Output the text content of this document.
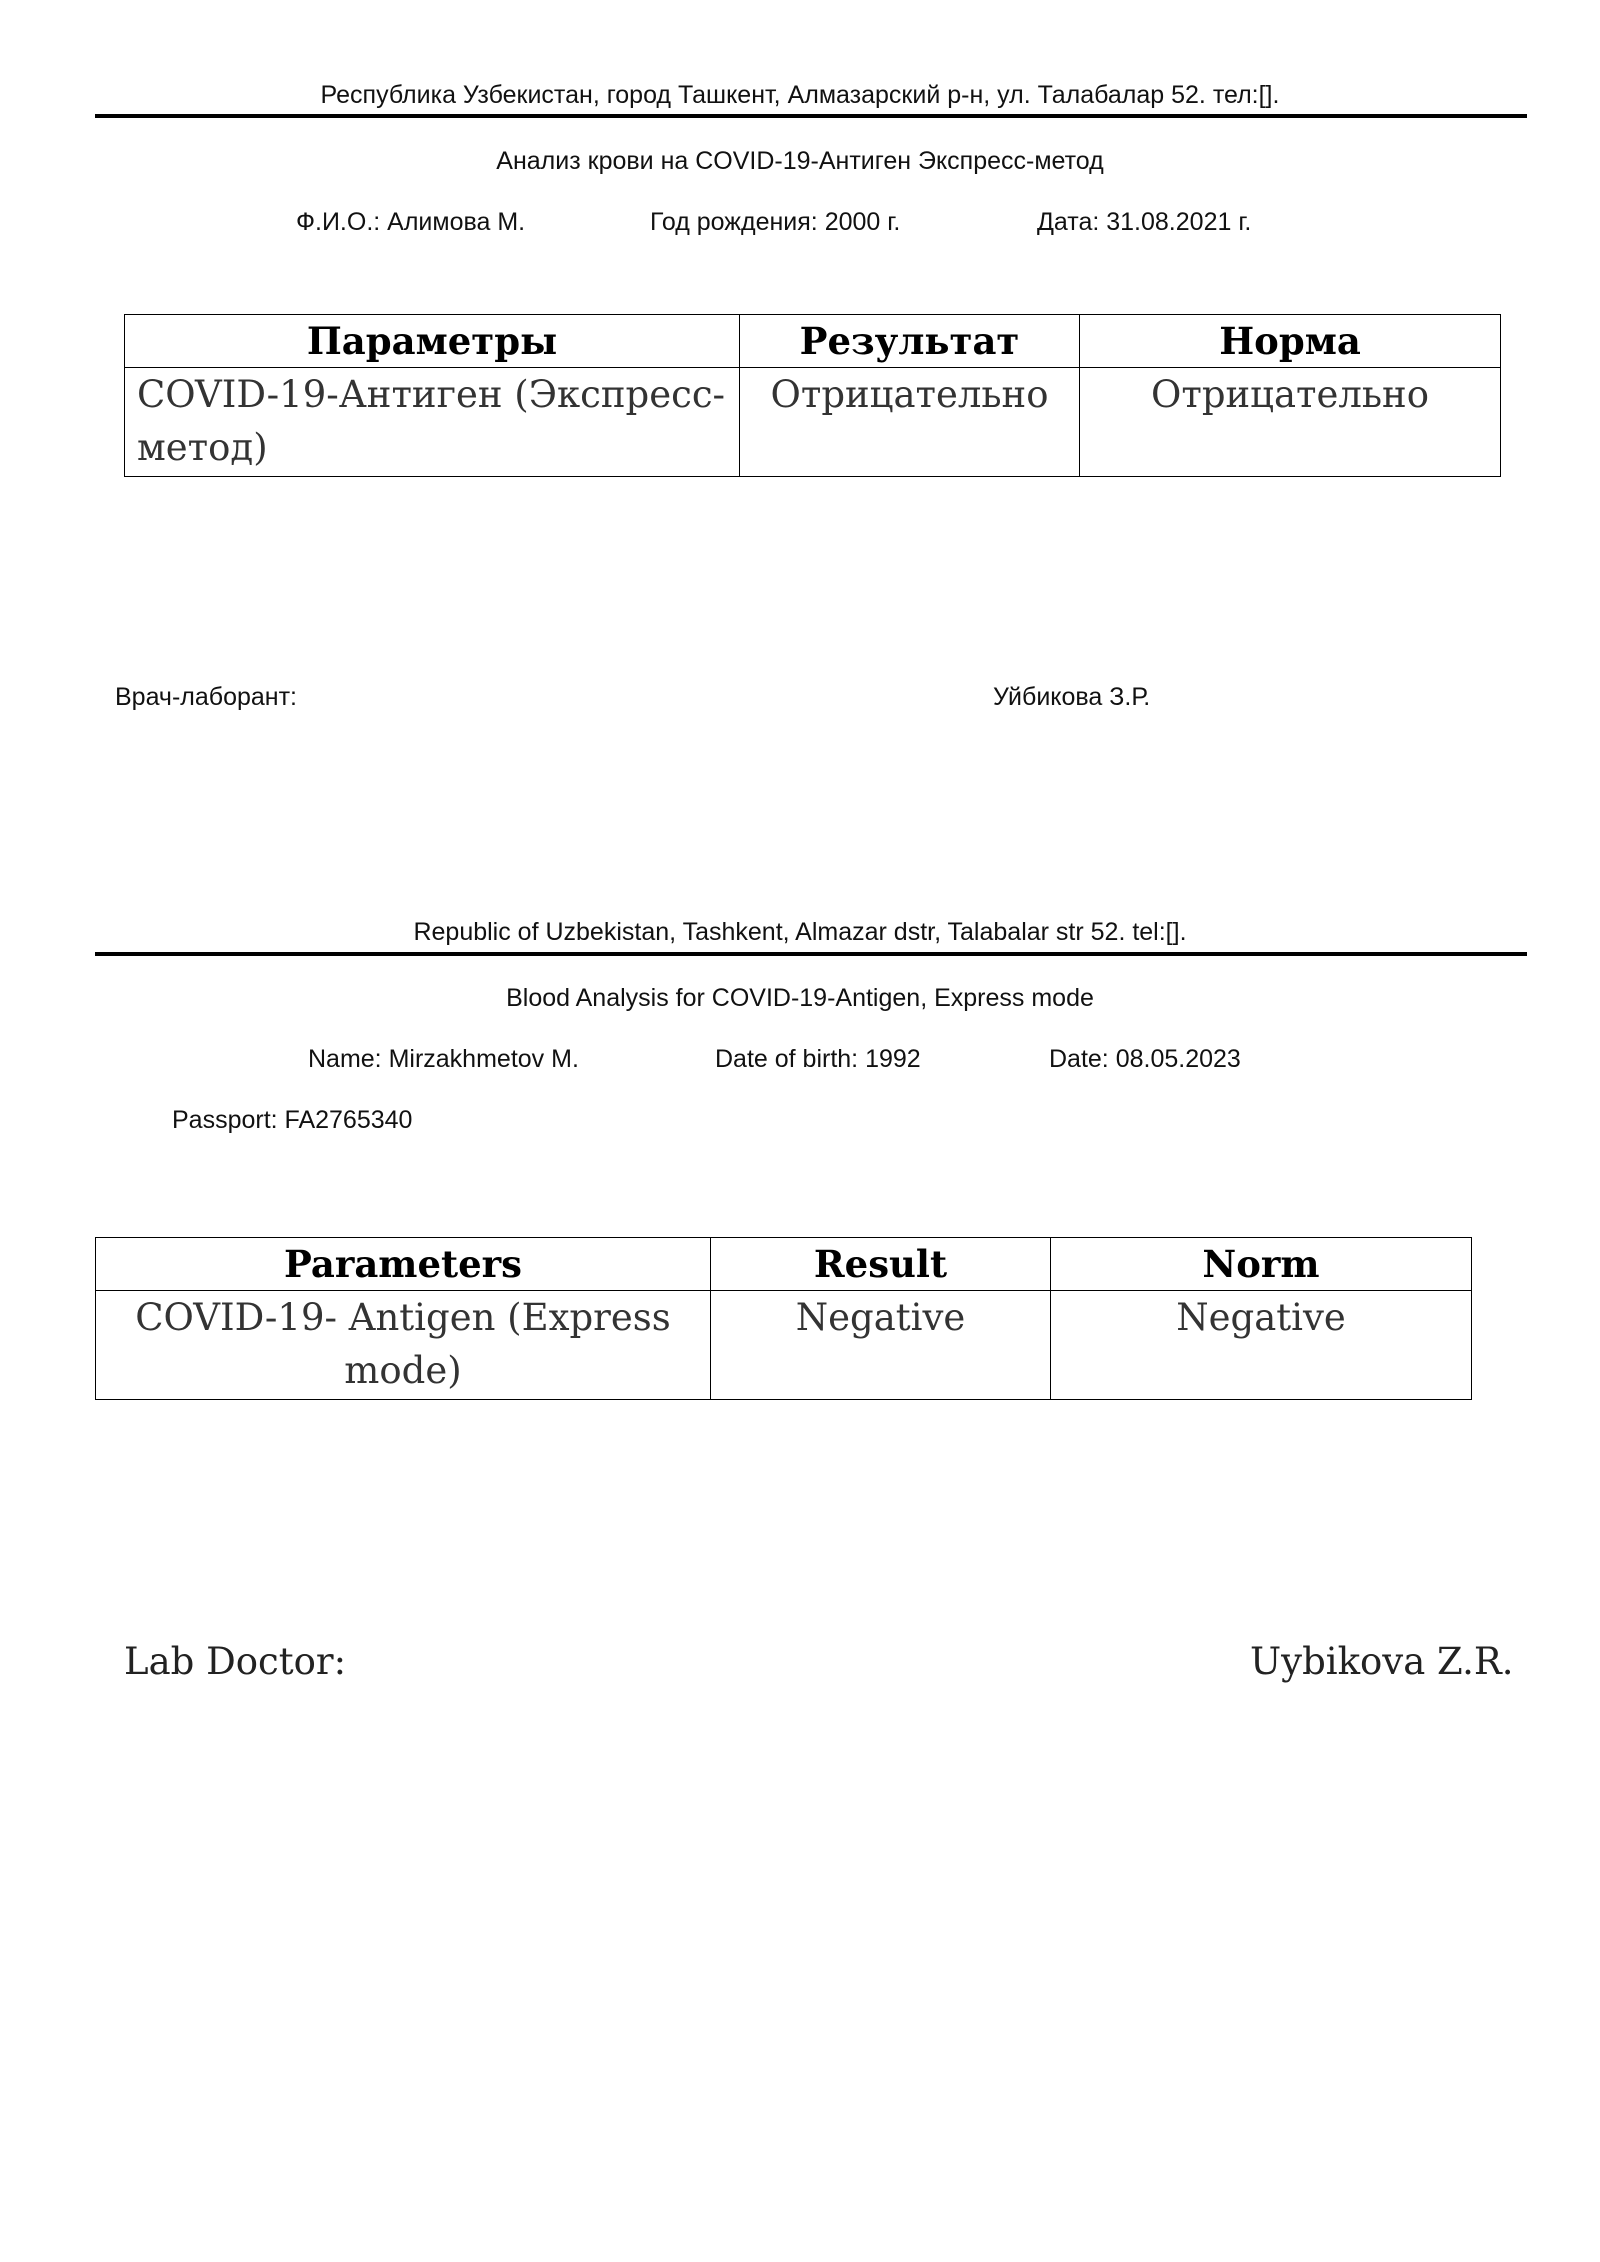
Республика Узбекистан, город Ташкент, Алмазарский р-н, ул. Талабалар 52. тел:[].
Анализ крови на COVID-19-Антиген Экспресс-метод
Ф.И.О.: Алимова М.	Год рождения: 2000 г.	Дата: 31.08.2021 г.
Параметры	Результат	Норма
COVID-19-Антиген (Экспресс-метод)	Отрицательно	Отрицательно
Врач-лаборант:	Уйбикова З.Р.
Republic of Uzbekistan, Tashkent, Almazar dstr, Talabalar str 52. tel:[].
Blood Analysis for COVID-19-Antigen, Express mode
Name: Mirzakhmetov M.	Date of birth: 1992	Date: 08.05.2023
Passport: FA2765340
Parameters	Result	Norm
COVID-19- Antigen (Express mode)	Negative	Negative
Lab Doctor:	Uybikova Z.R.
